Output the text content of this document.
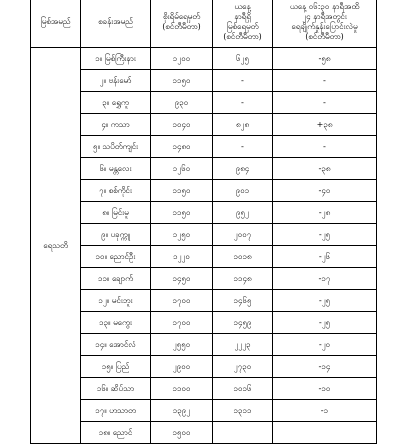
မြစ်အမည်	စခန်းအမည်	စိုးရိမ်ရေမှတ်
(စင်တီမီတာ)	ယနေ့
နာရီရှိ
မြစ်ရေမှတ်
(စင်တီမီတာ)	ယနေ့ ၀၆:၃၀ နာရီအထိ
၂၄ နာရီအတွင်း
ရေချိုက်နှုန်းပြောင်းလဲမှု
(စင်တီမီတာ)

ရေသတိ	၁။ မြစ်ကြီးနား	၁၂၀၀	၆၂၅	-၅၈
	၂။ ဗန်းမော်	၁၁၅၀	-	-
	၃။ ရွှေကူ	၉၃၀	-	-
	၄။ ကသာ	၁၀၄၀	၈၂၈	+၃၈
	၅။ သပိတ်ကျင်း	၁၄၈၀	-	-
	၆။ မန္တလေး	၁၂၆၀	၉၈၄	-၃၈
	၇။ စစ်ကိုင်း	၁၁၅၀	၉၀၁	-၄၀
	၈။ မြင်းမူ	၁၁၅၀	၉၅၂	-၂၈
	၉။ ပခုက္ကူ	၁၂၅၀	၂၀၀၇	-၂၅
	၁၀။ ညောင်ဦး	၁၂၂၀	၁၀၁၈	-၂၆
	၁၁။ ချောက်	၁၄၅၀	၁၁၄၈	-၁၇
	၁၂။ မင်းဘူး	၁၇၀၀	၁၄၆၅	-၂၅
	၁၃။ မကွေး	၁၇၀၀	၁၄၅၉	-၂၅
	၁၄။ အောင်လံ	၂၅၅၀	၂၂၂၃	-၂၀
	၁၅။ ပြည်	၂၉၀၀	၂၇၃၀	-၁၄
	၁၆။ ဆိပ်သာ	၁၁၀၀	၁၀၁၆	-၁၀
	၁၇။ ဟသာတ	၁၃၉၂	၁၃၁၁	-၁
	၁၈။ ညောင်	၁၅၀၀		
